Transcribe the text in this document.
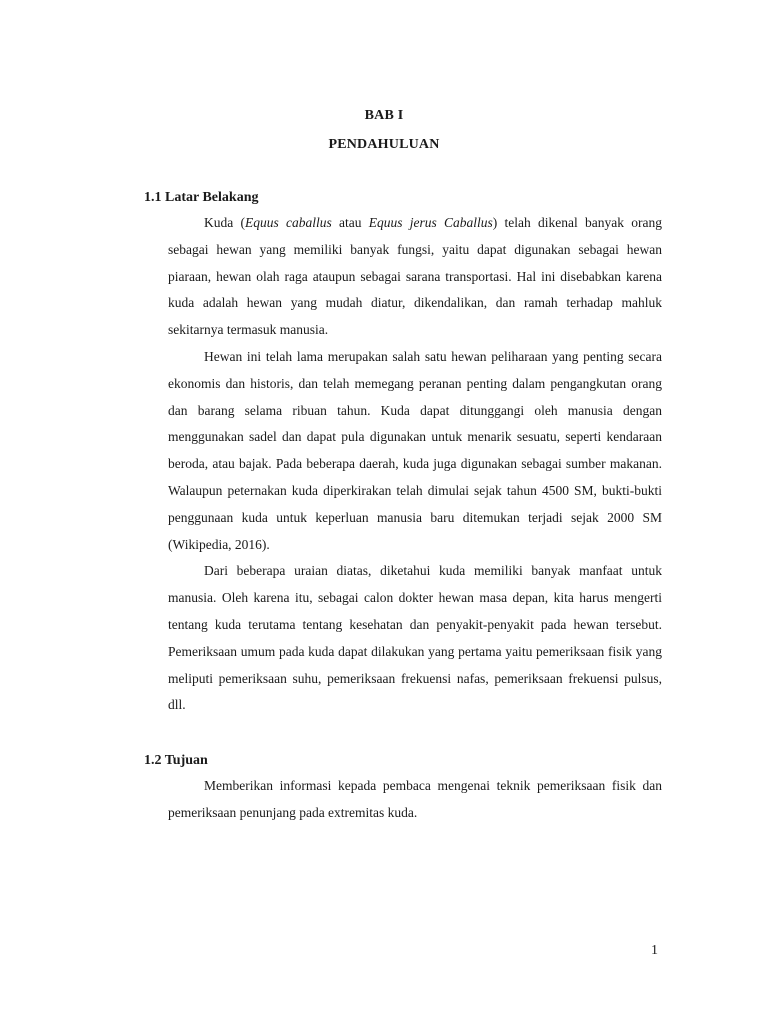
BAB I
PENDAHULUAN
1.1 Latar Belakang

Kuda (Equus caballus atau Equus jerus Caballus) telah dikenal banyak orang sebagai hewan yang memiliki banyak fungsi, yaitu dapat digunakan sebagai hewan piaraan, hewan olah raga ataupun sebagai sarana transportasi. Hal ini disebabkan karena kuda adalah hewan yang mudah diatur, dikendalikan, dan ramah terhadap mahluk sekitarnya termasuk manusia.

Hewan ini telah lama merupakan salah satu hewan peliharaan yang penting secara ekonomis dan historis, dan telah memegang peranan penting dalam pengangkutan orang dan barang selama ribuan tahun. Kuda dapat ditunggangi oleh manusia dengan menggunakan sadel dan dapat pula digunakan untuk menarik sesuatu, seperti kendaraan beroda, atau bajak. Pada beberapa daerah, kuda juga digunakan sebagai sumber makanan. Walaupun peternakan kuda diperkirakan telah dimulai sejak tahun 4500 SM, bukti-bukti penggunaan kuda untuk keperluan manusia baru ditemukan terjadi sejak 2000 SM (Wikipedia, 2016).

Dari beberapa uraian diatas, diketahui kuda memiliki banyak manfaat untuk manusia. Oleh karena itu, sebagai calon dokter hewan masa depan, kita harus mengerti tentang kuda terutama tentang kesehatan dan penyakit-penyakit pada hewan tersebut. Pemeriksaan umum pada kuda dapat dilakukan yang pertama yaitu pemeriksaan fisik yang meliputi pemeriksaan suhu, pemeriksaan frekuensi nafas, pemeriksaan frekuensi pulsus, dll.

1.2 Tujuan

Memberikan informasi kepada pembaca mengenai teknik pemeriksaan fisik dan pemeriksaan penunjang pada extremitas kuda.

1
